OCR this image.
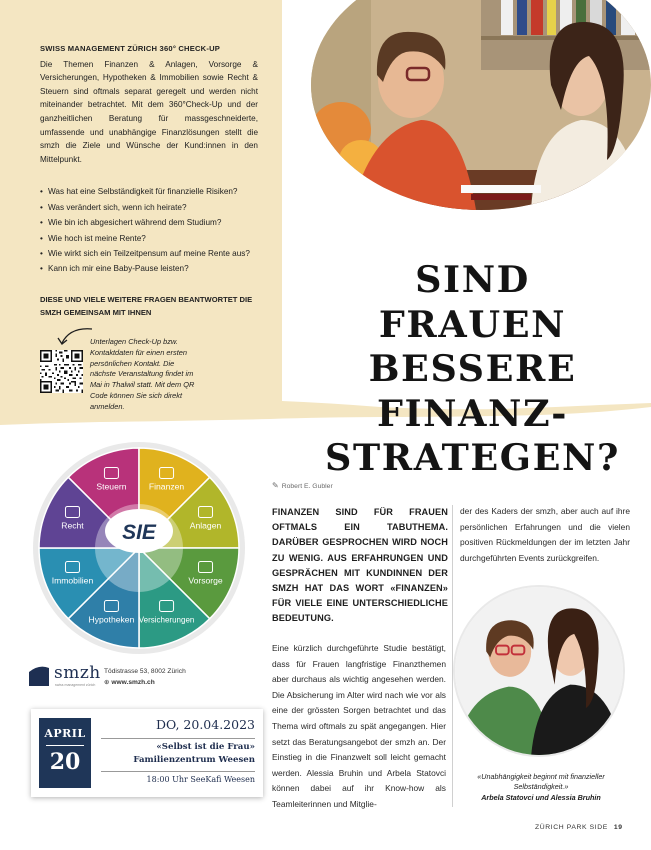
SWISS MANAGEMENT ZÜRICH 360° CHECK-UP

Die Themen Finanzen & Anlagen, Vorsorge & Versicherungen, Hypotheken & Immobilien sowie Recht & Steuern sind oftmals separat geregelt und werden nicht miteinander betrachtet. Mit dem 360°Check-Up und der ganzheitlichen Beratung für massgeschneiderte, umfassende und unabhängige Finanzlösungen stellt die smzh die Ziele und Wünsche der Kund:innen in den Mittelpunkt.

• Was hat eine Selbständigkeit für finanzielle Risiken?
• Was verändert sich, wenn ich heirate?
• Wie bin ich abgesichert während dem Studium?
• Wie hoch ist meine Rente?
• Wie wirkt sich ein Teilzeitpensum auf meine Rente aus?
• Kann ich mir eine Baby-Pause leisten?
DIESE UND VIELE WEITERE FRAGEN BEANTWORTET DIE SMZH GEMEINSAM MIT IHNEN
Unterlagen Check-Up bzw. Kontaktdaten für einen ersten persönlichen Kontakt. Die nächste Veranstaltung findet im Mai in Thalwil statt. Mit dem QR Code können Sie sich direkt anmelden.
SIND
FRAUEN
BESSERE
FINANZ-
STRATEGEN?
✎ Robert E. Gubler
FINANZEN SIND FÜR FRAUEN OFTMALS EIN TABUTHEMA. DARÜBER GESPROCHEN WIRD NOCH ZU WENIG. AUS ERFAHRUNGEN UND GESPRÄCHEN MIT KUNDINNEN DER SMZH HAT DAS WORT «FINANZEN» FÜR VIELE EINE UNTERSCHIEDLICHE BEDEUTUNG.
Eine kürzlich durchgeführte Studie bestätigt, dass für Frauen langfristige Finanzthemen aber durchaus als wichtig angesehen werden. Die Absicherung im Alter wird nach wie vor als eine der grössten Sorgen betrachtet und das Thema wird oftmals zu spät angegangen. Hier setzt das Beratungsangebot der smzh an. Der Einstieg in die Finanzwelt soll leicht gemacht werden. Alessia Bruhin und Arbela Statovci können dabei auf ihr Know-how als Teamleiterinnen und Mitglie-
der des Kaders der smzh, aber auch auf ihre persönlichen Erfahrungen und die vielen positiven Rückmeldungen der im letzten Jahr durchgeführten Events zurückgreifen.
«Unabhängigkeit beginnt mit finanzieller Selbständigkeit.»
Arbela Statovci und Alessia Bruhin
SIE
Steuern	Finanzen
Anlagen
Vorsorge
Versicherungen
Hypotheken
Immobilien
Recht
smzh
swiss management zürich
Tödistrasse 53, 8002 Zürich
⊕ www.smzh.ch
APRIL
20
DO, 20.04.2023
«Selbst ist die Frau»
Familienzentrum Weesen
18:00 Uhr SeeKafi Weesen
ZÜRICH PARK SIDE 19
